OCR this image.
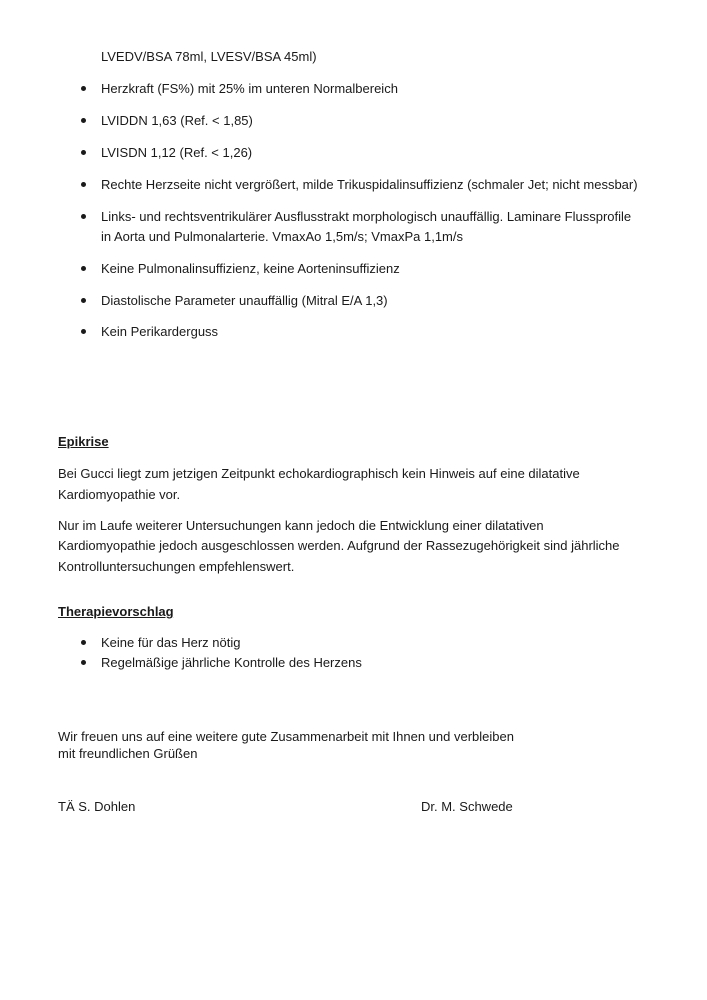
LVEDV/BSA 78ml, LVESV/BSA 45ml)
Herzkraft (FS%) mit 25% im unteren Normalbereich
LVIDDN 1,63 (Ref. < 1,85)
LVISDN 1,12 (Ref. < 1,26)
Rechte Herzseite nicht vergrößert, milde Trikuspidalinsuffizienz (schmaler Jet; nicht messbar)
Links- und rechtsventrikulärer Ausflusstrakt morphologisch unauffällig. Laminare Flussprofile
in Aorta und Pulmonalarterie. VmaxAo 1,5m/s; VmaxPa 1,1m/s
Keine Pulmonalinsuffizienz, keine Aorteninsuffizienz
Diastolische Parameter unauffällig (Mitral E/A 1,3)
Kein Perikarderguss
Epikrise
Bei Gucci liegt zum jetzigen Zeitpunkt echokardiographisch kein Hinweis auf eine dilatative
Kardiomyopathie vor.
Nur im Laufe weiterer Untersuchungen kann jedoch die Entwicklung einer dilatativen
Kardiomyopathie jedoch ausgeschlossen werden. Aufgrund der Rassezugehörigkeit sind jährliche
Kontrolluntersuchungen empfehlenswert.
Therapievorschlag
Keine für das Herz nötig
Regelmäßige jährliche Kontrolle des Herzens
Wir freuen uns auf eine weitere gute Zusammenarbeit mit Ihnen und verbleiben
mit freundlichen Grüßen
TÄ S. Dohlen	Dr. M. Schwede
